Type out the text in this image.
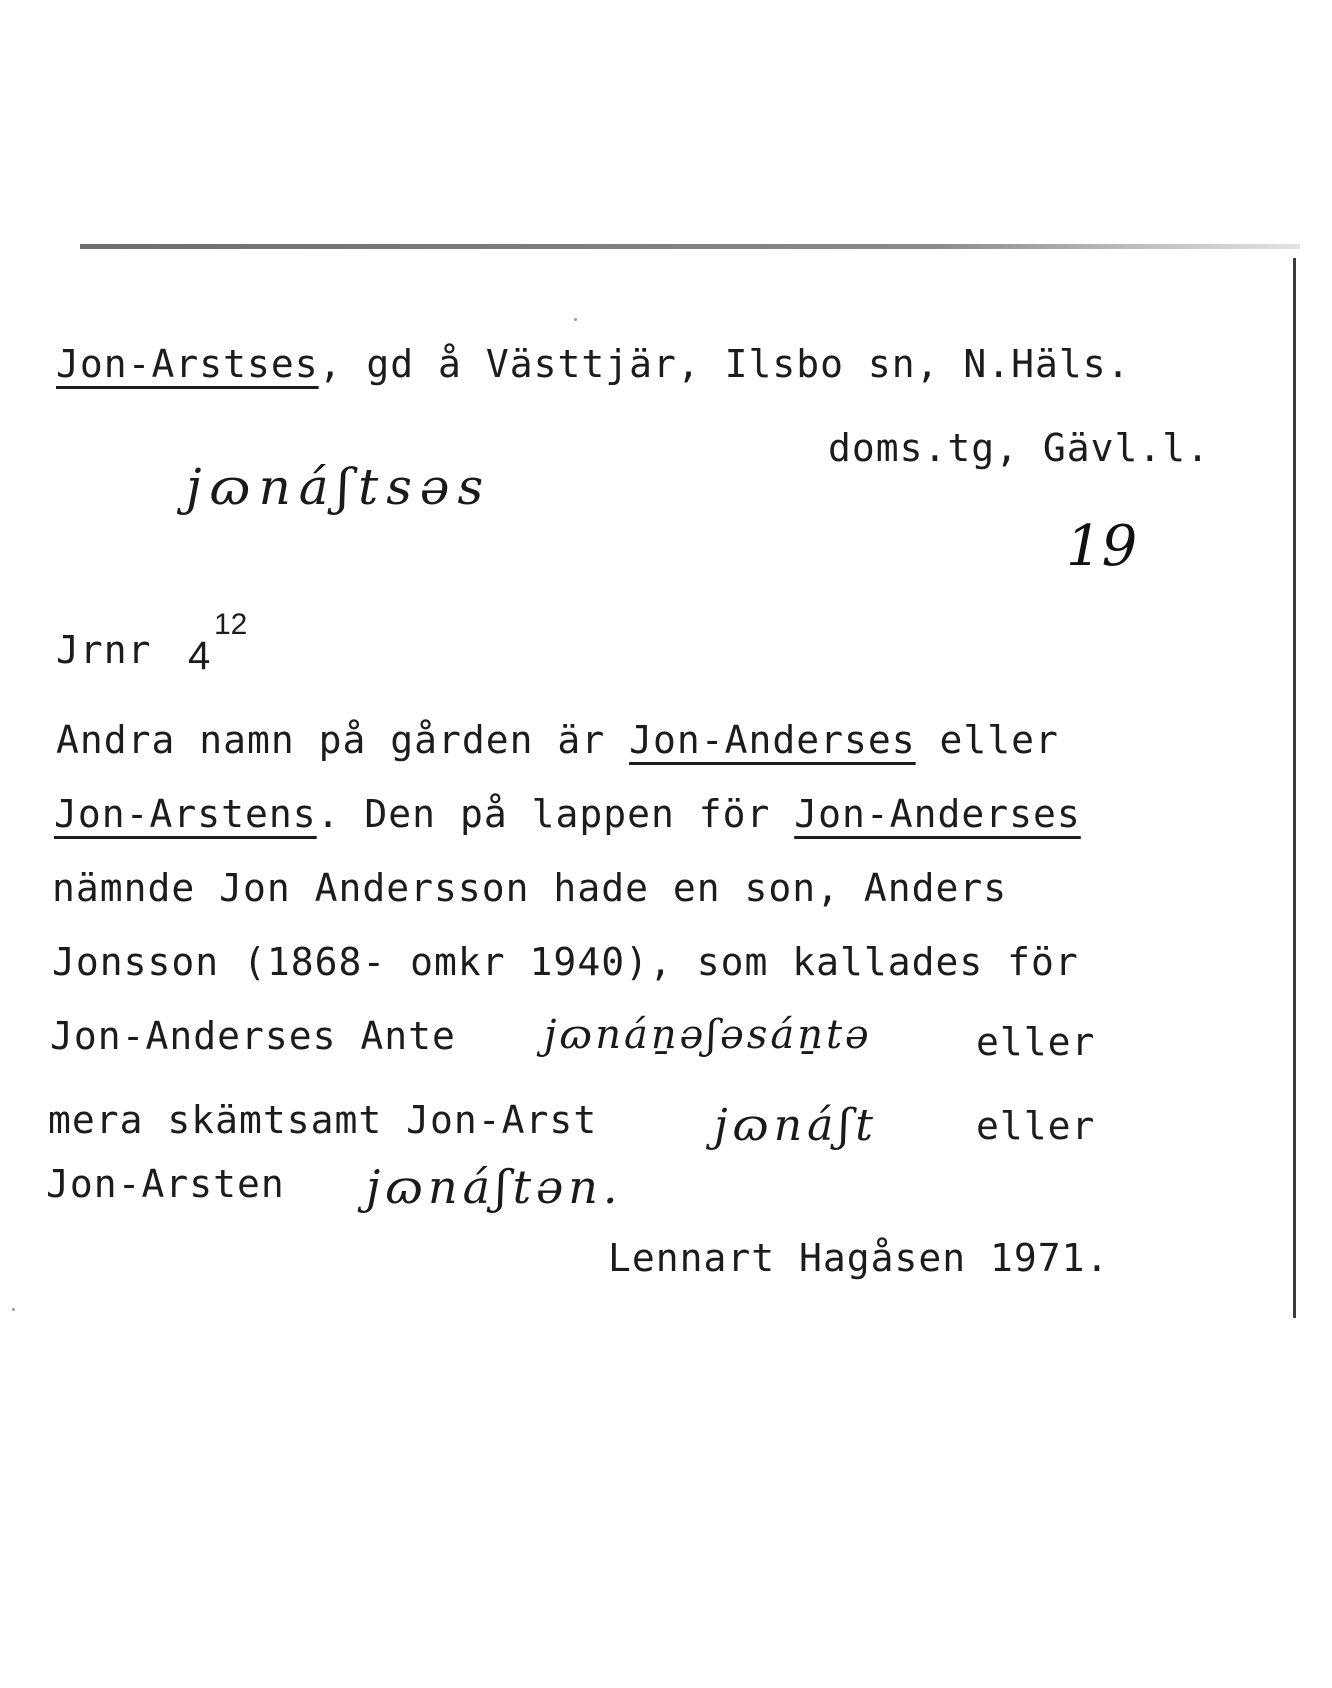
Jon-Arstses, gd å Västtjär, Ilsbo sn, N.Häls.
doms.tg, Gävl.l.
jɷnáʃtsəs
19
Jrnr 4
12
Andra namn på gården är Jon-Anderses eller
Jon-Arstens. Den på lappen för Jon-Anderses
nämnde Jon Andersson hade en son, Anders
Jonsson (1868- omkr 1940), som kallades för
Jon-Anderses Ante jɷnáṉəʃəsáṉtə	eller
mera skämtsamt Jon-Arst	jɷnáʃt	eller
Jon-Arsten jɷnáʃtən.
Lennart Hagåsen 1971.
